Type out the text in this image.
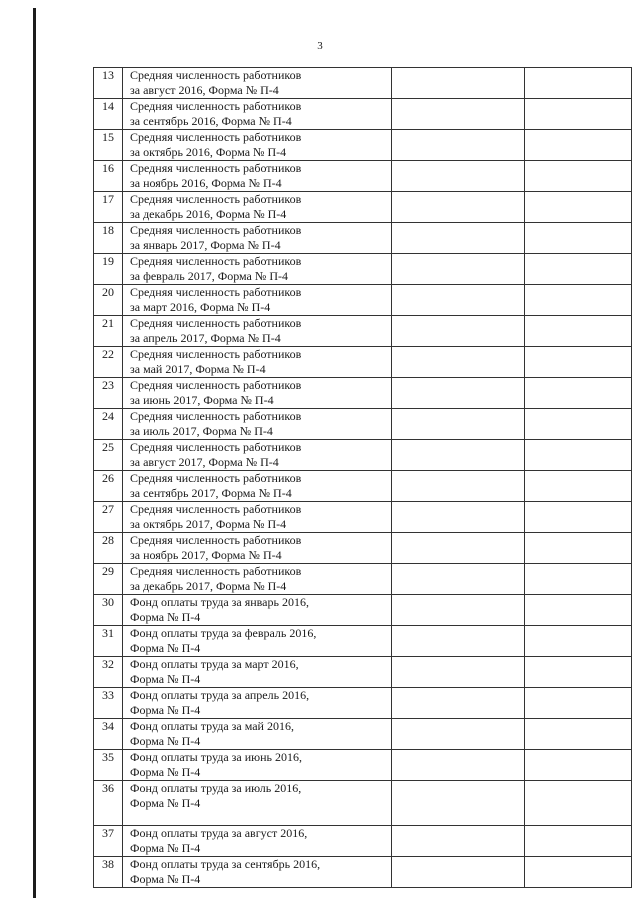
3
13	Средняя численность работников
за август 2016, Форма № П-4		

14	Средняя численность работников
за сентябрь 2016, Форма № П-4		

15	Средняя численность работников
за октябрь 2016, Форма № П-4		

16	Средняя численность работников
за ноябрь 2016, Форма № П-4		

17	Средняя численность работников
за декабрь 2016, Форма № П-4		

18	Средняя численность работников
за январь 2017, Форма № П-4		

19	Средняя численность работников
за февраль 2017, Форма № П-4		

20	Средняя численность работников
за март 2016, Форма № П-4		

21	Средняя численность работников
за апрель 2017, Форма № П-4		

22	Средняя численность работников
за май 2017, Форма № П-4		

23	Средняя численность работников
за июнь 2017, Форма № П-4		

24	Средняя численность работников
за июль 2017, Форма № П-4		

25	Средняя численность работников
за август 2017, Форма № П-4		

26	Средняя численность работников
за сентябрь 2017, Форма № П-4		

27	Средняя численность работников
за октябрь 2017, Форма № П-4		

28	Средняя численность работников
за ноябрь 2017, Форма № П-4		

29	Средняя численность работников
за декабрь 2017, Форма № П-4		

30	Фонд оплаты труда за январь 2016,
Форма № П-4		

31	Фонд оплаты труда за февраль 2016,
Форма № П-4		

32	Фонд оплаты труда за март 2016,
Форма № П-4		

33	Фонд оплаты труда за апрель 2016,
Форма № П-4		

34	Фонд оплаты труда за май 2016,
Форма № П-4		

35	Фонд оплаты труда за июнь 2016,
Форма № П-4		

36	Фонд оплаты труда за июль 2016,
Форма № П-4		

37	Фонд оплаты труда за август 2016,
Форма № П-4		

38	Фонд оплаты труда за сентябрь 2016,
Форма № П-4		
